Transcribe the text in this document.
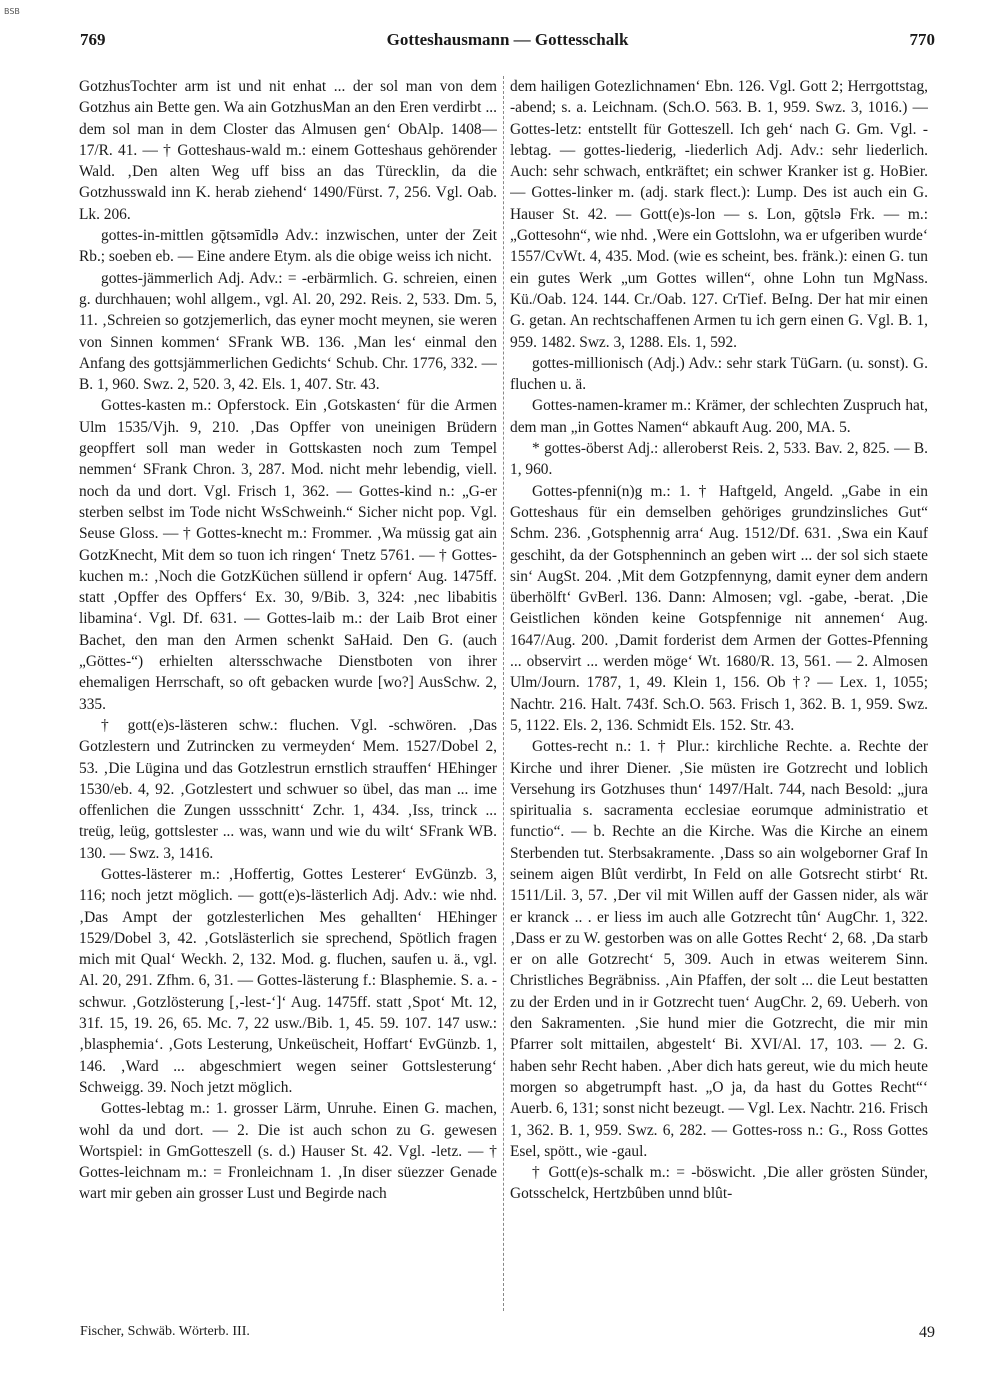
BSB
769	Gotteshausmann — Gottesschalk	770

GotzhusTochter arm ist und nit enhat ... der sol man von dem Gotzhus ain Bette gen. Wa ain GotzhusMan an den Eren verdirbt ... dem sol man in dem Closter das Almusen gen‘ ObAlp. 1408—17/R. 41. — † Gotteshaus-wald m.: einem Gotteshaus gehörender Wald. ‚Den alten Weg uff biss an das Türecklin, da die Gotzhusswald inn K. herab ziehend‘ 1490/Fürst. 7, 256. Vgl. Oab. Lk. 206.

gottes-in-mittlen gǭtsəmīdlə Adv.: inzwischen, unter der Zeit Rb.; soeben eb. — Eine andere Etym. als die obige weiss ich nicht.

gottes-jämmerlich Adj. Adv.: = -erbärmlich. G. schreien, einen g. durchhauen; wohl allgem., vgl. Al. 20, 292. Reis. 2, 533. Dm. 5, 11. ‚Schreien so gotzjemerlich, das eyner mocht meynen, sie weren von Sinnen kommen‘ SFrank WB. 136. ‚Man les‘ einmal den Anfang des gottsjämmerlichen Gedichts‘ Schub. Chr. 1776, 332. — B. 1, 960. Swz. 2, 520. 3, 42. Els. 1, 407. Str. 43.

Gottes-kasten m.: Opferstock. Ein ‚Gotskasten‘ für die Armen Ulm 1535/Vjh. 9, 210. ‚Das Opffer von uneinigen Brüdern geopffert soll man weder in Gottskasten noch zum Tempel nemmen‘ SFrank Chron. 3, 287. Mod. nicht mehr lebendig, viell. noch da und dort. Vgl. Frisch 1, 362. — Gottes-kind n.: „G-er sterben selbst im Tode nicht WsSchweinh.“ Sicher nicht pop. Vgl. Seuse Gloss. — † Gottes-knecht m.: Frommer. ‚Wa müssig gat ain GotzKnecht, Mit dem so tuon ich ringen‘ Tnetz 5761. — † Gottes-kuchen m.: ‚Noch die GotzKüchen süllend ir opfern‘ Aug. 1475ff. statt ‚Opffer des Opffers‘ Ex. 30, 9/Bib. 3, 324: ‚nec libabitis libamina‘. Vgl. Df. 631. — Gottes-laib m.: der Laib Brot einer Bachet, den man den Armen schenkt SaHaid. Den G. (auch „Göttes-“) erhielten altersschwache Dienstboten von ihrer ehemaligen Herrschaft, so oft gebacken wurde [wo?] AusSchw. 2, 335.

† gott(e)s-lästeren schw.: fluchen. Vgl. -schwören. ‚Das Gotzlestern und Zutrincken zu vermeyden‘ Mem. 1527/Dobel 2, 53. ‚Die Lügina und das Gotzlestrun ernstlich strauffen‘ HEhinger 1530/eb. 4, 92. ‚Gotzlestert und schwuer so übel, das man ... ime offenlichen die Zungen ussschnitt‘ Zchr. 1, 434. ‚Iss, trinck ... treüg, leüg, gottslester ... was, wann und wie du wilt‘ SFrank WB. 130. — Swz. 3, 1416.

Gottes-lästerer m.: ‚Hoffertig, Gottes Lesterer‘ EvGünzb. 3, 116; noch jetzt möglich. — gott(e)s-lästerlich Adj. Adv.: wie nhd. ‚Das Ampt der gotzlesterlichen Mes gehallten‘ HEhinger 1529/Dobel 3, 42. ‚Gotslästerlich sie sprechend, Spötlich fragen mich mit Qual‘ Weckh. 2, 132. Mod. g. fluchen, saufen u. ä., vgl. Al. 20, 291. Zfhm. 6, 31. — Gottes-lästerung f.: Blasphemie. S. a. -schwur. ‚Gotzlösterung [‚-lest-‘]‘ Aug. 1475ff. statt ‚Spot‘ Mt. 12, 31f. 15, 19. 26, 65. Mc. 7, 22 usw./Bib. 1, 45. 59. 107. 147 usw.: ‚blasphemia‘. ‚Gots Lesterung, Unkeüscheit, Hoffart‘ EvGünzb. 1, 146. ‚Ward ... abgeschmiert wegen seiner Gottslesterung‘ Schweigg. 39. Noch jetzt möglich.

Gottes-lebtag m.: 1. grosser Lärm, Unruhe. Einen G. machen, wohl da und dort. — 2. Die ist auch schon zu G. gewesen Wortspiel: in GmGotteszell (s. d.) Hauser St. 42. Vgl. -letz. — † Gottes-leichnam m.: = Fronleichnam 1. ‚In diser süezzer Genade wart mir geben ain grosser Lust und Begirde nach

dem hailigen Gotezlichnamen‘ Ebn. 126. Vgl. Gott 2; Herrgottstag, -abend; s. a. Leichnam. (Sch.O. 563. B. 1, 959. Swz. 3, 1016.) — Gottes-letz: entstellt für Gotteszell. Ich geh‘ nach G. Gm. Vgl. -lebtag. — gottes-liederig, -liederlich Adj. Adv.: sehr liederlich. Auch: sehr schwach, entkräftet; ein schwer Kranker ist g. HoBier. — Gottes-linker m. (adj. stark flect.): Lump. Des ist auch ein G. Hauser St. 42. — Gott(e)s-lon — s. Lon, gǭtslə Frk. — m.: „Gottesohn“, wie nhd. ‚Were ein Gottslohn, wa er ufgeriben wurde‘ 1557/CvWt. 4, 435. Mod. (wie es scheint, bes. fränk.): einen G. tun ein gutes Werk „um Gottes willen“, ohne Lohn tun MgNass. Kü./Oab. 124. 144. Cr./Oab. 127. CrTief. BeIng. Der hat mir einen G. getan. An rechtschaffenen Armen tu ich gern einen G. Vgl. B. 1, 959. 1482. Swz. 3, 1288. Els. 1, 592.

gottes-millionisch (Adj.) Adv.: sehr stark TüGarn. (u. sonst). G. fluchen u. ä.

Gottes-namen-kramer m.: Krämer, der schlechten Zuspruch hat, dem man „in Gottes Namen“ abkauft Aug. 200, MA. 5.

* gottes-öberst Adj.: alleroberst Reis. 2, 533. Bav. 2, 825. — B. 1, 960.

Gottes-pfenni(n)g m.: 1. † Haftgeld, Angeld. „Gabe in ein Gotteshaus für ein demselben gehöriges grundzinsliches Gut“ Schm. 236. ‚Gotsphennig arra‘ Aug. 1512/Df. 631. ‚Swa ein Kauf geschiht, da der Gotsphenninch an geben wirt ... der sol sich staete sin‘ AugSt. 204. ‚Mit dem Gotzpfennyng, damit eyner dem andern überhölft‘ GvBerl. 136. Dann: Almosen; vgl. -gabe, -berat. ‚Die Geistlichen könden keine Gotspfennige nit annemen‘ Aug. 1647/Aug. 200. ‚Damit forderist dem Armen der Gottes-Pfenning ... observirt ... werden möge‘ Wt. 1680/R. 13, 561. — 2. Almosen Ulm/Journ. 1787, 1, 49. Klein 1, 156. Ob †? — Lex. 1, 1055; Nachtr. 216. Halt. 743f. Sch.O. 563. Frisch 1, 362. B. 1, 959. Swz. 5, 1122. Els. 2, 136. Schmidt Els. 152. Str. 43.

Gottes-recht n.: 1. † Plur.: kirchliche Rechte. a. Rechte der Kirche und ihrer Diener. ‚Sie müsten ire Gotzrecht und loblich Versehung irs Gotzhuses thun‘ 1497/Halt. 744, nach Besold: „jura spiritualia s. sacramenta ecclesiae eorumque administratio et functio“. — b. Rechte an die Kirche. Was die Kirche an einem Sterbenden tut. Sterbsakramente. ‚Dass so ain wolgeborner Graf In seinem aigen Blût verdirbt, In Feld on alle Gotsrecht stirbt‘ Rt. 1511/Lil. 3, 57. ‚Der vil mit Willen auff der Gassen nider, als wär er kranck .. . er liess im auch alle Gotzrecht tûn‘ AugChr. 1, 322. ‚Dass er zu W. gestorben was on alle Gottes Recht‘ 2, 68. ‚Da starb er on alle Gotzrecht‘ 5, 309. Auch in etwas weiterem Sinn. Christliches Begräbniss. ‚Ain Pfaffen, der solt ... die Leut bestatten zu der Erden und in ir Gotzrecht tuen‘ AugChr. 2, 69. Ueberh. von den Sakramenten. ‚Sie hund mier die Gotzrecht, die mir min Pfarrer solt mittailen, abgestelt‘ Bi. XVI/Al. 17, 103. — 2. G. haben sehr Recht haben. ‚Aber dich hats gereut, wie du mich heute morgen so abgetrumpft hast. „O ja, da hast du Gottes Recht“‘ Auerb. 6, 131; sonst nicht bezeugt. — Vgl. Lex. Nachtr. 216. Frisch 1, 362. B. 1, 959. Swz. 6, 282. — Gottes-ross n.: G., Ross Gottes Esel, spött., wie -gaul.

† Gott(e)s-schalk m.: = -böswicht. ‚Die aller grösten Sünder, Gotsschelck, Hertzbûben unnd blût-

Fischer, Schwäb. Wörterb. III.	49
